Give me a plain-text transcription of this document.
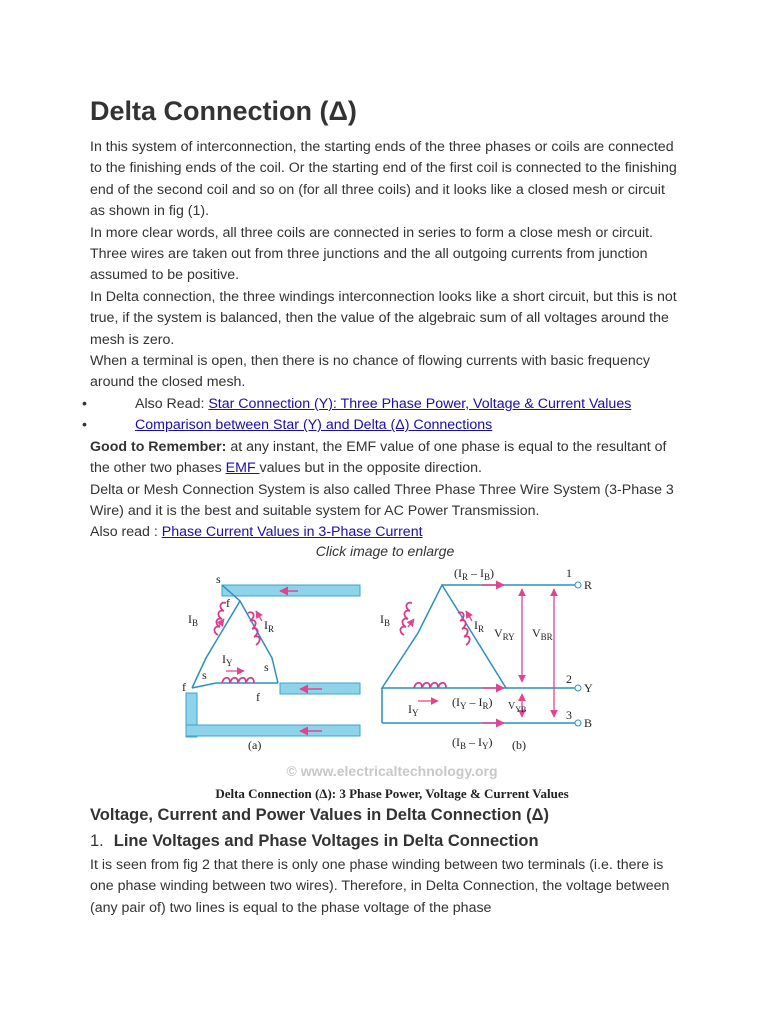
Delta Connection (Δ)

In this system of interconnection, the starting ends of the three phases or coils are connected to the finishing ends of the coil. Or the starting end of the first coil is connected to the finishing end of the second coil and so on (for all three coils) and it looks like a closed mesh or circuit as shown in fig (1).

In more clear words, all three coils are connected in series to form a close mesh or circuit. Three wires are taken out from three junctions and the all outgoing currents from junction assumed to be positive.

In Delta connection, the three windings interconnection looks like a short circuit, but this is not true, if the system is balanced, then the value of the algebraic sum of all voltages around the mesh is zero.

When a terminal is open, then there is no chance of flowing currents with basic frequency around the closed mesh.

• Also Read: Star Connection (Y): Three Phase Power, Voltage & Current Values
• Comparison between Star (Y) and Delta (Δ) Connections

Good to Remember: at any instant, the EMF value of one phase is equal to the resultant of the other two phases EMF values but in the opposite direction.

Delta or Mesh Connection System is also called Three Phase Three Wire System (3-Phase 3 Wire) and it is the best and suitable system for AC Power Transmission.

Also read : Phase Current Values in 3-Phase Current

Click image to enlarge
s
f
$I_B$	$I_R$
$I_Y$	s
s
f
f
(a)
$(I_R - I_B)$
$I_B$	$I_R$ $V_{RY}$ $V_{BR}$
$I_Y$
$(I_Y - I_R)$ $V_{YB}$
$(I_B - I_Y)$ (b)
1
R
2
Y
3
B
© www.electricaltechnology.org
Delta Connection (Δ): 3 Phase Power, Voltage & Current Values
Voltage, Current and Power Values in Delta Connection (Δ)
1. Line Voltages and Phase Voltages in Delta Connection

It is seen from fig 2 that there is only one phase winding between two terminals (i.e. there is one phase winding between two wires). Therefore, in Delta Connection, the voltage between (any pair of) two lines is equal to the phase voltage of the phase
